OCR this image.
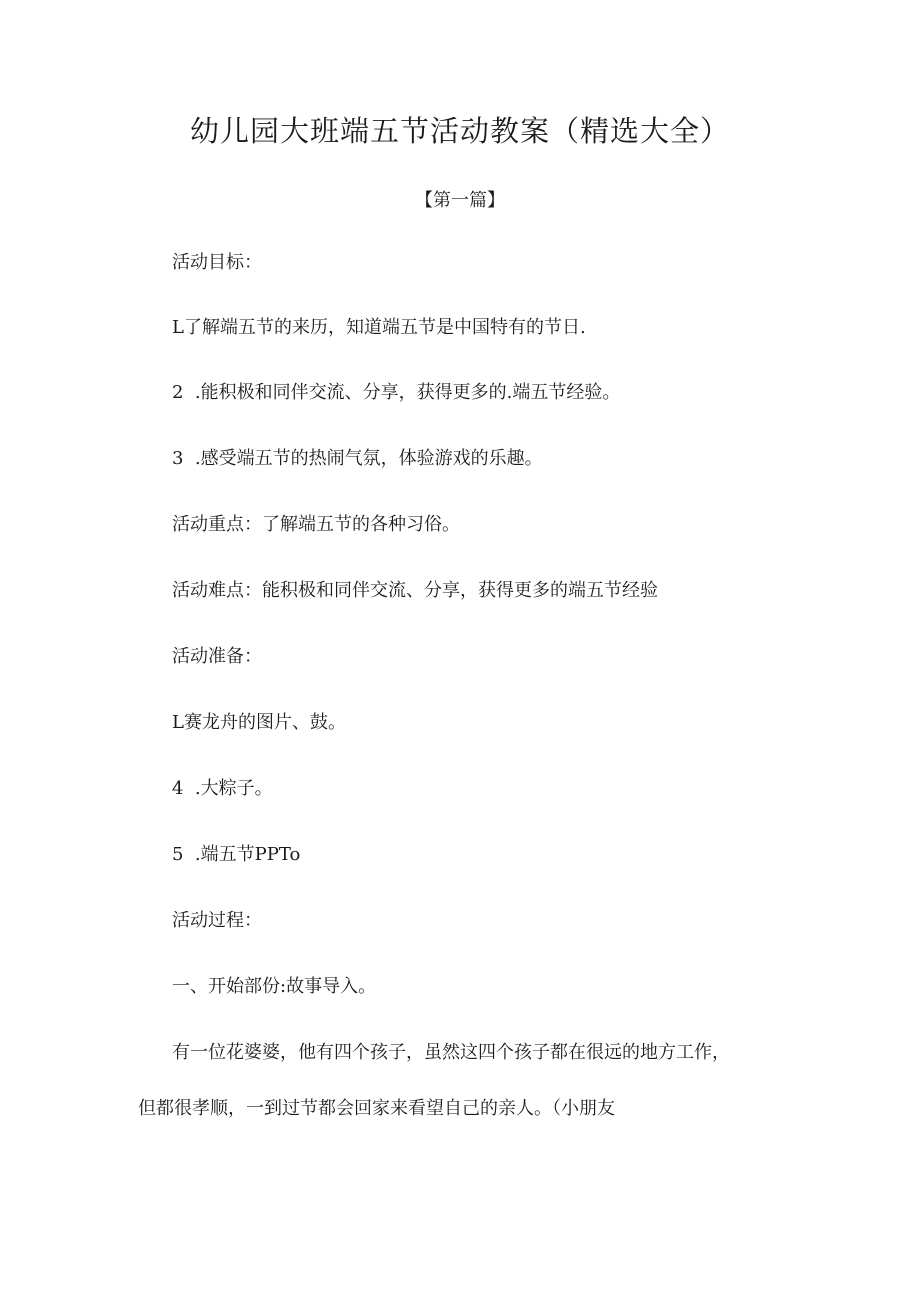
幼儿园大班端五节活动教案（精选大全）
【第一篇】
活动目标：
L了解端五节的来历，知道端五节是中国特有的节日.
2  .能积极和同伴交流、分享，获得更多的.端五节经验。
3  .感受端五节的热闹气氛，体验游戏的乐趣。
活动重点：了解端五节的各种习俗。
活动难点：能积极和同伴交流、分享，获得更多的端五节经验
活动准备：
L赛龙舟的图片、鼓。
4  .大粽子。
5  .端五节PPTo
活动过程：
一、开始部份:故事导入。
有一位花婆婆，他有四个孩子，虽然这四个孩子都在很远的地方工作，
但都很孝顺，一到过节都会回家来看望自己的亲人。（小朋友
